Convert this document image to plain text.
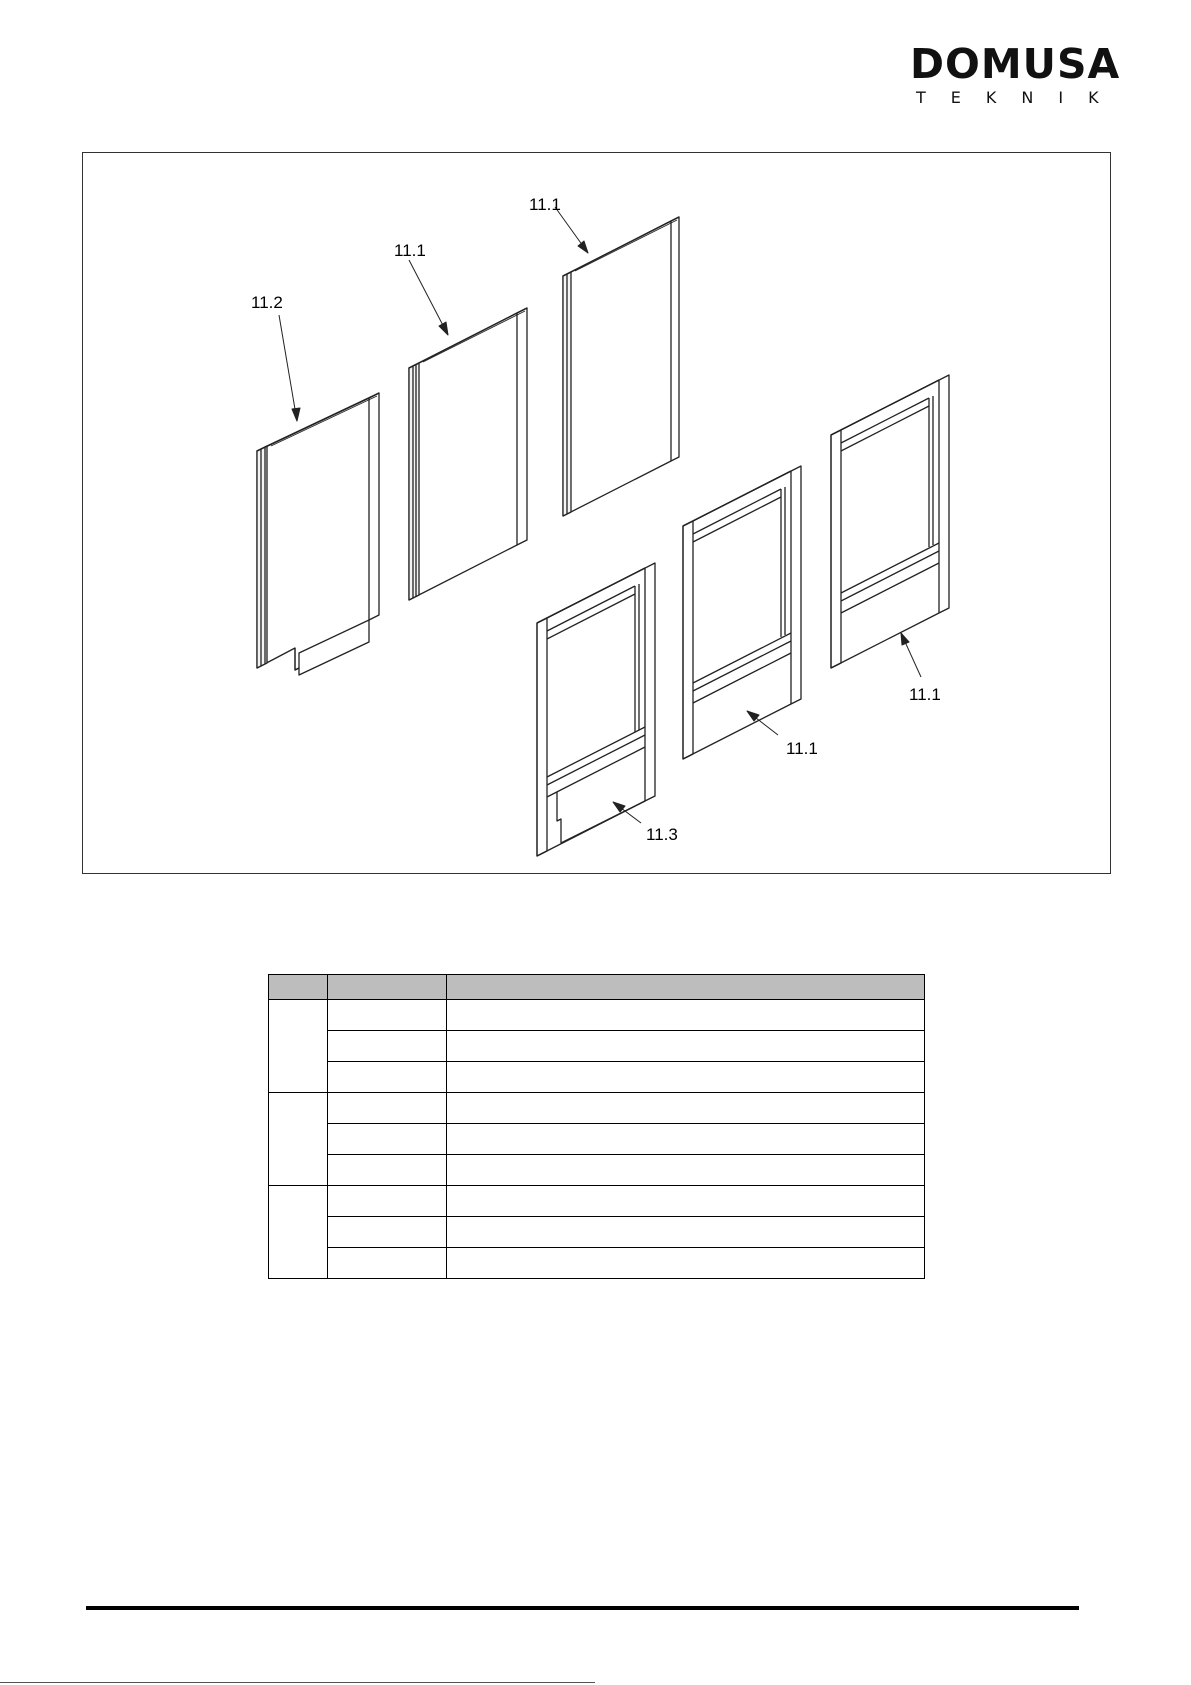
DOMUSA
TEKNIK
11.2
11.1
11.1
11.1
11.1
11.3
